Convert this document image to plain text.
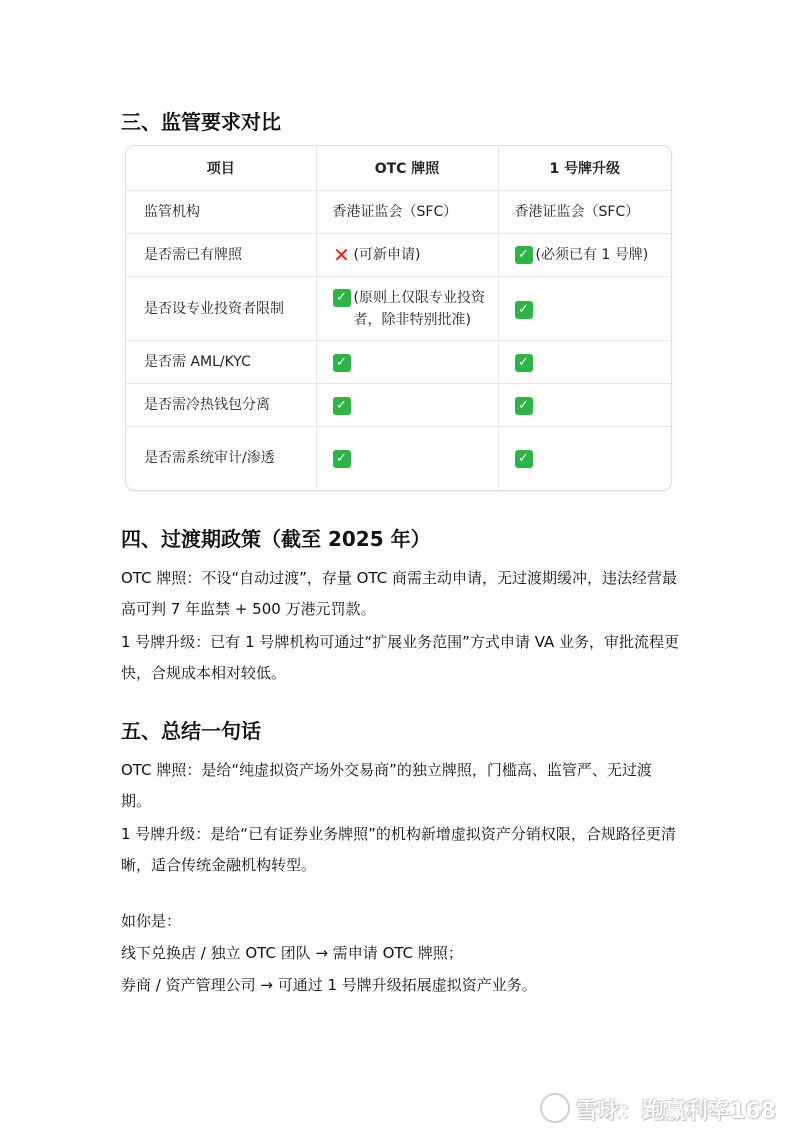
三、监管要求对比
项目	OTC 牌照	1 号牌升级
监管机构	香港证监会（SFC）	香港证监会（SFC）

是否需已有牌照	✕ (可新申请)	✓ (必须已有 1 号牌)

是否设专业投资者限制	✓ (原则上仅限专业投资者，除非特别批准)	✓

是否需 AML/KYC	✓	✓

是否需冷热钱包分离	✓	✓

是否需系统审计/渗透	✓	✓
四、过渡期政策（截至 2025 年）

OTC 牌照：不设“自动过渡”，存量 OTC 商需主动申请，无过渡期缓冲，违法经营最高可判 7 年监禁 + 500 万港元罚款。

1 号牌升级：已有 1 号牌机构可通过“扩展业务范围”方式申请 VA 业务，审批流程更快，合规成本相对较低。

五、总结一句话

OTC 牌照：是给“纯虚拟资产场外交易商”的独立牌照，门槛高、监管严、无过渡期。

1 号牌升级：是给“已有证券业务牌照”的机构新增虚拟资产分销权限，合规路径更清晰，适合传统金融机构转型。

如你是：

线下兑换店 / 独立 OTC 团队 → 需申请 OTC 牌照；

券商 / 资产管理公司 → 可通过 1 号牌升级拓展虚拟资产业务。

雪球：跑赢利率168
